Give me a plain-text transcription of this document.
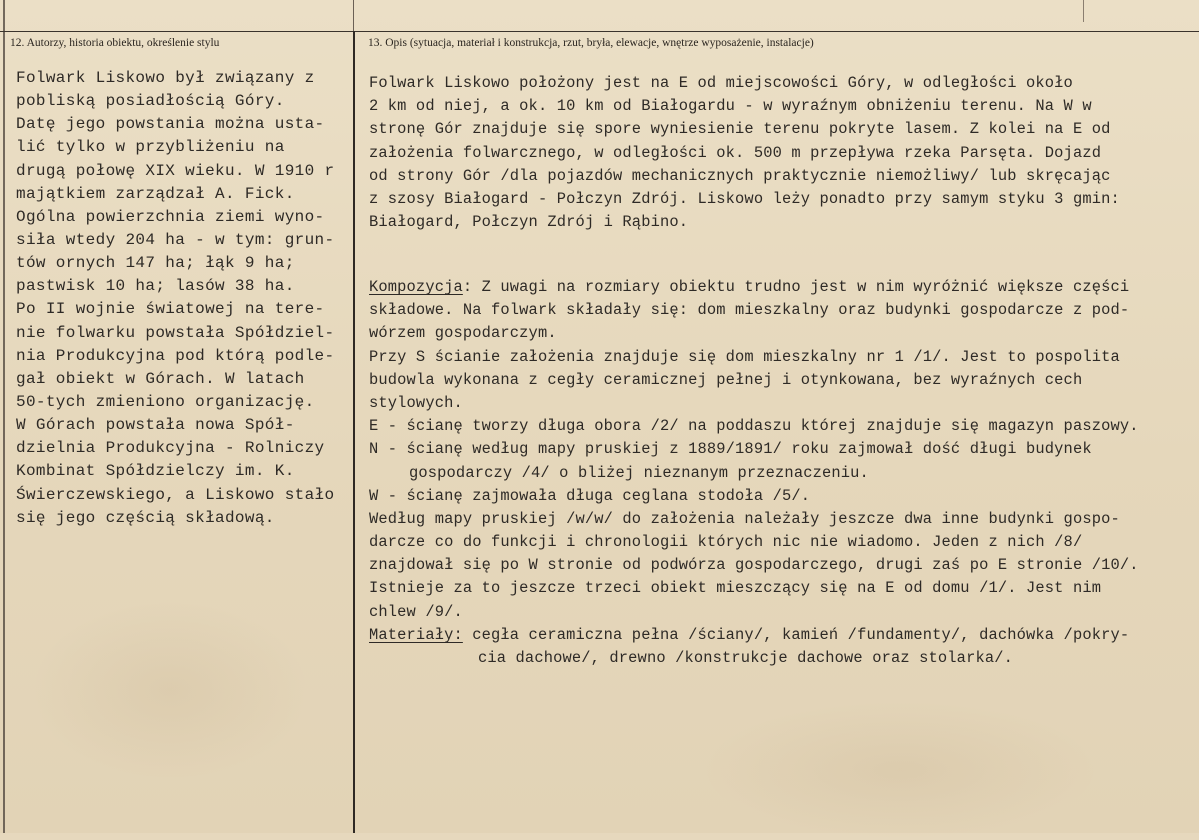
12. Autorzy, historia obiektu, określenie stylu	13. Opis (sytuacja, materiał i konstrukcja, rzut, bryła, elewacje, wnętrze wyposażenie, instalacje)
Folwark Liskowo był związany z
pobliską posiadłością Góry.
Datę jego powstania można usta-
lić tylko w przybliżeniu na
drugą połowę XIX wieku. W 1910 r
majątkiem zarządzał A. Fick.
Ogólna powierzchnia ziemi wyno-
siła wtedy 204 ha - w tym: grun-
tów ornych 147 ha; łąk 9 ha;
pastwisk 10 ha; lasów 38 ha.
Po II wojnie światowej na tere-
nie folwarku powstała Spółdziel-
nia Produkcyjna pod którą podle-
gał obiekt w Górach. W latach
50-tych zmieniono organizację.
W Górach powstała nowa Spół-
dzielnia Produkcyjna - Rolniczy
Kombinat Spółdzielczy im. K.
Świerczewskiego, a Liskowo stało
się jego częścią składową.
Folwark Liskowo położony jest na E od miejscowości Góry, w odległości około
2 km od niej, a ok. 10 km od Białogardu - w wyraźnym obniżeniu terenu. Na W w
stronę Gór znajduje się spore wyniesienie terenu pokryte lasem. Z kolei na E od
założenia folwarcznego, w odległości ok. 500 m przepływa rzeka Parsęta. Dojazd
od strony Gór /dla pojazdów mechanicznych praktycznie niemożliwy/ lub skręcając
z szosy Białogard - Połczyn Zdrój. Liskowo leży ponadto przy samym styku 3 gmin:
Białogard, Połczyn Zdrój i Rąbino.
Kompozycja: Z uwagi na rozmiary obiektu trudno jest w nim wyróżnić większe części
składowe. Na folwark składały się: dom mieszkalny oraz budynki gospodarcze z pod-
wórzem gospodarczym.
Przy S ścianie założenia znajduje się dom mieszkalny nr 1 /1/. Jest to pospolita
budowla wykonana z cegły ceramicznej pełnej i otynkowana, bez wyraźnych cech
stylowych.
E - ścianę tworzy długa obora /2/ na poddaszu której znajduje się magazyn paszowy.
N - ścianę według mapy pruskiej z 1889/1891/ roku zajmował dość długi budynek
gospodarczy /4/ o bliżej nieznanym przeznaczeniu.
W - ścianę zajmowała długa ceglana stodoła /5/.
Według mapy pruskiej /w/w/ do założenia należały jeszcze dwa inne budynki gospo-
darcze co do funkcji i chronologii których nic nie wiadomo. Jeden z nich /8/
znajdował się po W stronie od podwórza gospodarczego, drugi zaś po E stronie /10/.
Istnieje za to jeszcze trzeci obiekt mieszczący się na E od domu /1/. Jest nim
chlew /9/.
Materiały: cegła ceramiczna pełna /ściany/, kamień /fundamenty/, dachówka /pokry-
cia dachowe/, drewno /konstrukcje dachowe oraz stolarka/.
